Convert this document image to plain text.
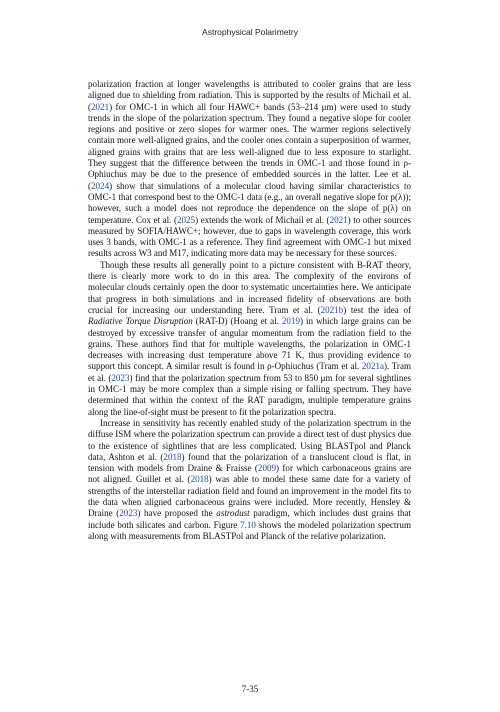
Astrophysical Polarimetry

polarization fraction at longer wavelengths is attributed to cooler grains that are less aligned due to shielding from radiation. This is supported by the results of Michail et al. (2021) for OMC-1 in which all four HAWC+ bands (53–214 μm) were used to study trends in the slope of the polarization spectrum. They found a negative slope for cooler regions and positive or zero slopes for warmer ones. The warmer regions selectively contain more well-aligned grains, and the cooler ones contain a superposition of warmer, aligned grains with grains that are less well-aligned due to less exposure to starlight. They suggest that the difference between the trends in OMC-1 and those found in ρ-Ophiuchus may be due to the presence of embedded sources in the latter. Lee et al. (2024) show that simulations of a molecular cloud having similar characteristics to OMC-1 that correspond best to the OMC-1 data (e.g., an overall negative slope for p(λ)); however, such a model does not reproduce the dependence on the slope of p(λ) on temperature. Cox et al. (2025) extends the work of Michail et al. (2021) to other sources measured by SOFIA/HAWC+; however, due to gaps in wavelength coverage, this work uses 3 bands, with OMC-1 as a reference. They find agreement with OMC-1 but mixed results across W3 and M17, indicating more data may be necessary for these sources.

Though these results all generally point to a picture consistent with B-RAT theory, there is clearly more work to do in this area. The complexity of the environs of molecular clouds certainly open the door to systematic uncertainties here. We anticipate that progress in both simulations and in increased fidelity of observations are both crucial for increasing our understanding here. Tram et al. (2021b) test the idea of Radiative Torque Disruption (RAT-D) (Hoang et al. 2019) in which large grains can be destroyed by excessive transfer of angular momentum from the radiation field to the grains. These authors find that for multiple wavelengths, the polarization in OMC-1 decreases with increasing dust temperature above 71 K, thus providing evidence to support this concept. A similar result is found in ρ-Ophiuchus (Tram et al. 2021a). Tram et al. (2023) find that the polarization spectrum from 53 to 850 μm for several sightlines in OMC-1 may be more complex than a simple rising or falling spectrum. They have determined that within the context of the RAT paradigm, multiple temperature grains along the line-of-sight must be present to fit the polarization spectra.

Increase in sensitivity has recently enabled study of the polarization spectrum in the diffuse ISM where the polarization spectrum can provide a direct test of dust physics due to the existence of sightlines that are less complicated. Using BLASTpol and Planck data, Ashton et al. (2018) found that the polarization of a translucent cloud is flat, in tension with models from Draine & Fraisse (2009) for which carbonaceous grains are not aligned. Guillet et al. (2018) was able to model these same date for a variety of strengths of the interstellar radiation field and found an improvement in the model fits to the data when aligned carbonaceous grains were included. More recently, Hensley & Draine (2023) have proposed the astrodust paradigm, which includes dust grains that include both silicates and carbon. Figure 7.10 shows the modeled polarization spectrum along with measurements from BLASTPol and Planck of the relative polarization.

7-35
